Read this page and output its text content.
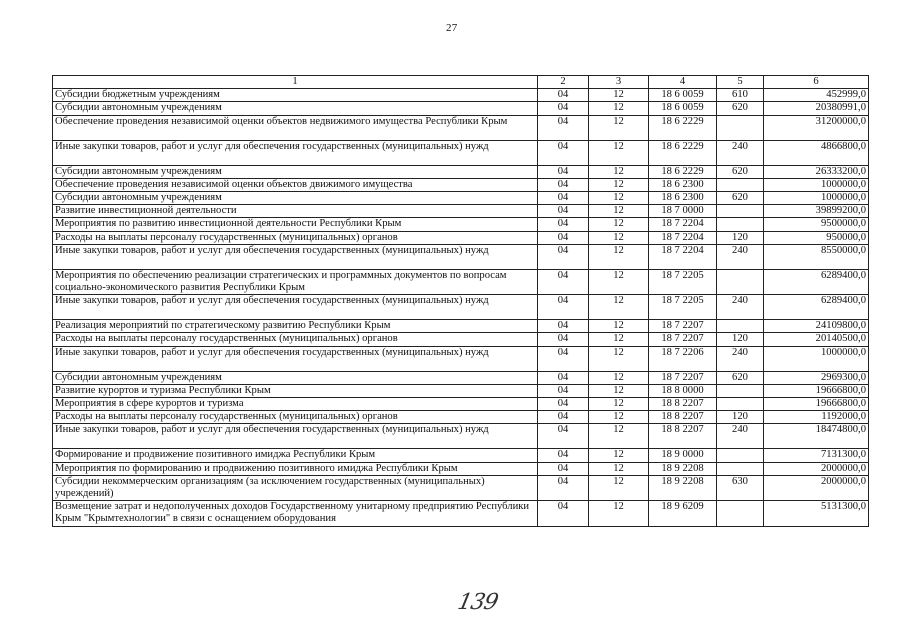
27
1	2	3	4	5	6
Субсидии бюджетным учреждениям	04	12	18 6 0059	610	452999,0
Субсидии автономным учреждениям	04	12	18 6 0059	620	20380991,0
Обеспечение проведения независимой оценки объектов недвижимого имущества Республики Крым	04	12	18 6 2229		31200000,0
Иные закупки товаров, работ и услуг для обеспечения государственных (муниципальных) нужд	04	12	18 6 2229	240	4866800,0
Субсидии автономным учреждениям	04	12	18 6 2229	620	26333200,0
Обеспечение проведения независимой оценки объектов движимого имущества	04	12	18 6 2300		1000000,0
Субсидии автономным учреждениям	04	12	18 6 2300	620	1000000,0
Развитие инвестиционной деятельности	04	12	18 7 0000		39899200,0
Мероприятия по развитию инвестиционной деятельности Республики Крым	04	12	18 7 2204		9500000,0
Расходы на выплаты персоналу государственных (муниципальных) органов	04	12	18 7 2204	120	950000,0
Иные закупки товаров, работ и услуг для обеспечения государственных (муниципальных) нужд	04	12	18 7 2204	240	8550000,0
Мероприятия по обеспечению реализации стратегических и программных документов по вопросам социально-экономического развития Республики Крым	04	12	18 7 2205		6289400,0
Иные закупки товаров, работ и услуг для обеспечения государственных (муниципальных) нужд	04	12	18 7 2205	240	6289400,0
Реализация мероприятий по стратегическому развитию Республики Крым	04	12	18 7 2207		24109800,0
Расходы на выплаты персоналу государственных (муниципальных) органов	04	12	18 7 2207	120	20140500,0
Иные закупки товаров, работ и услуг для обеспечения государственных (муниципальных) нужд	04	12	18 7 2206	240	1000000,0
Субсидии автономным учреждениям	04	12	18 7 2207	620	2969300,0
Развитие курортов и туризма Республики Крым	04	12	18 8 0000		19666800,0
Мероприятия в сфере курортов и туризма	04	12	18 8 2207		19666800,0
Расходы на выплаты персоналу государственных (муниципальных) органов	04	12	18 8 2207	120	1192000,0
Иные закупки товаров, работ и услуг для обеспечения государственных (муниципальных) нужд	04	12	18 8 2207	240	18474800,0
Формирование и продвижение позитивного имиджа Республики Крым	04	12	18 9 0000		7131300,0
Мероприятия по формированию и продвижению позитивного имиджа Республики Крым	04	12	18 9 2208		2000000,0
Субсидии некоммерческим организациям (за исключением государственных (муниципальных) учреждений)	04	12	18 9 2208	630	2000000,0
Возмещение затрат и недополученных доходов Государственному унитарному предприятию Республики Крым "Крымтехнологии" в связи с оснащением оборудования	04	12	18 9 6209		5131300,0
139
